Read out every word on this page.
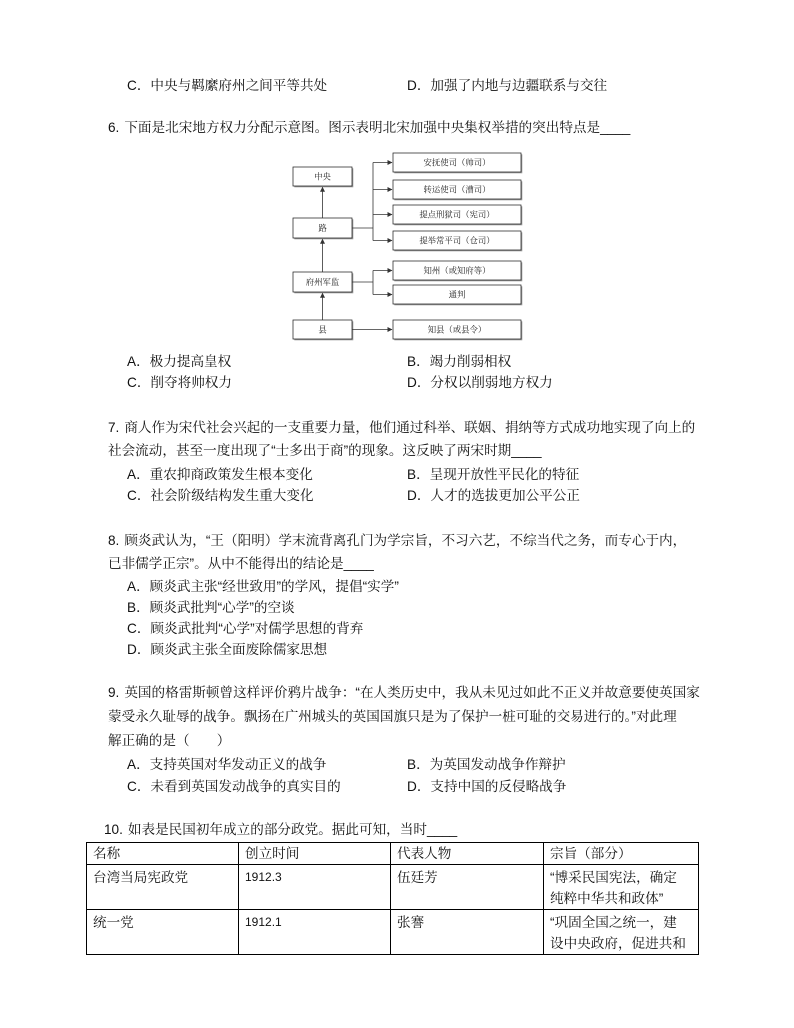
C．中央与羁縻府州之间平等共处	D．加强了内地与边疆联系与交往
6. 下面是北宋地方权力分配示意图。图示表明北宋加强中央集权举措的突出特点是____
中央
路
府州军监
县
安抚使司（帅司）
转运使司（漕司）
提点刑狱司（宪司）
提举常平司（仓司）
知州（或知府等）
通判
知县（或县令）
A．极力提高皇权	B．竭力削弱相权
C．削夺将帅权力	D．分权以削弱地方权力
7. 商人作为宋代社会兴起的一支重要力量，他们通过科举、联姻、捐纳等方式成功地实现了向上的
社会流动，甚至一度出现了“士多出于商”的现象。这反映了两宋时期____
A．重农抑商政策发生根本变化	B．呈现开放性平民化的特征
C．社会阶级结构发生重大变化	D．人才的选拔更加公平公正
8. 顾炎武认为，“王（阳明）学末流背离孔门为学宗旨，不习六艺，不综当代之务，而专心于内，
已非儒学正宗”。从中不能得出的结论是____
A．顾炎武主张“经世致用”的学风，提倡“实学”
B．顾炎武批判“心学”的空谈
C．顾炎武批判“心学”对儒学思想的背弃
D．顾炎武主张全面废除儒家思想
9. 英国的格雷斯顿曾这样评价鸦片战争：“在人类历史中，我从未见过如此不正义并故意要使英国家
蒙受永久耻辱的战争。飘扬在广州城头的英国国旗只是为了保护一桩可耻的交易进行的。”对此理
解正确的是（　　）
A．支持英国对华发动正义的战争	B．为英国发动战争作辩护
C．未看到英国发动战争的真实目的	D．支持中国的反侵略战争
10. 如表是民国初年成立的部分政党。据此可知，当时____
名称	创立时间	代表人物	宗旨（部分）
台湾当局宪政党	1912.3	伍廷芳	“博采民国宪法，确定
纯粹中华共和政体”

统一党	1912.1	张謇	“巩固全国之统一，建
设中央政府，促进共和
